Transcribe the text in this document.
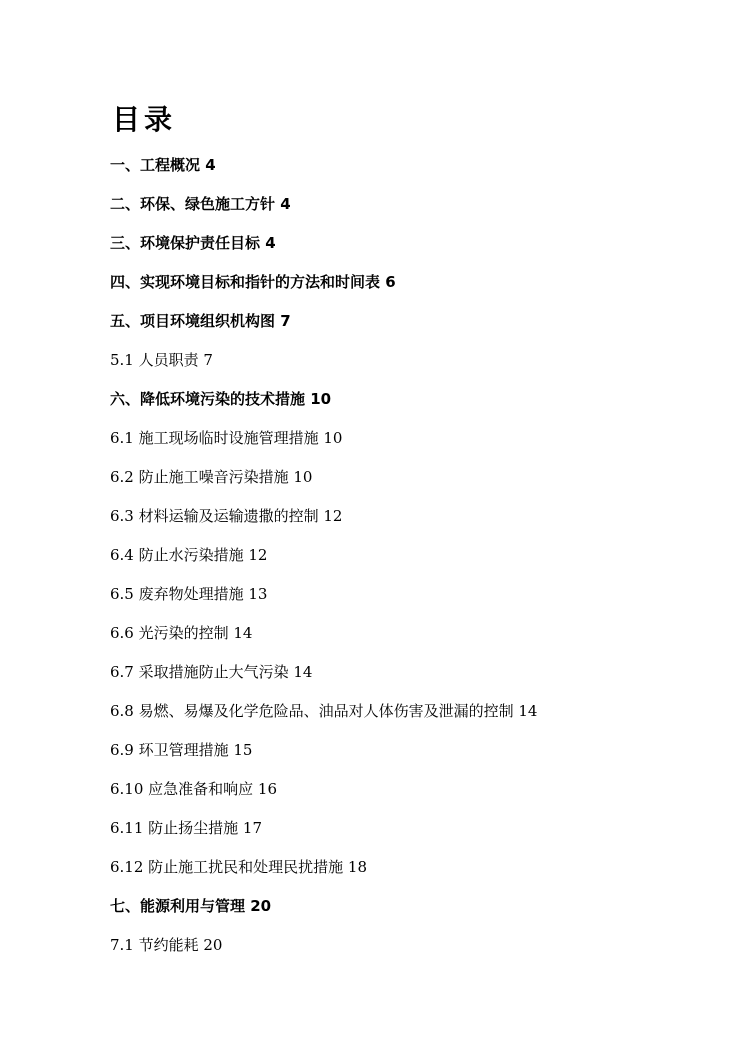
目录
一、工程概况 4
二、环保、绿色施工方针 4
三、环境保护责任目标 4
四、实现环境目标和指针的方法和时间表 6
五、项目环境组织机构图 7
5.1 人员职责 7
六、降低环境污染的技术措施 10
6.1 施工现场临时设施管理措施 10
6.2 防止施工噪音污染措施 10
6.3 材料运输及运输遗撒的控制 12
6.4 防止水污染措施 12
6.5 废弃物处理措施 13
6.6 光污染的控制 14
6.7 采取措施防止大气污染 14
6.8 易燃、易爆及化学危险品、油品对人体伤害及泄漏的控制 14
6.9 环卫管理措施 15
6.10 应急准备和响应 16
6.11 防止扬尘措施 17
6.12 防止施工扰民和处理民扰措施 18
七、能源利用与管理 20
7.1 节约能耗 20
